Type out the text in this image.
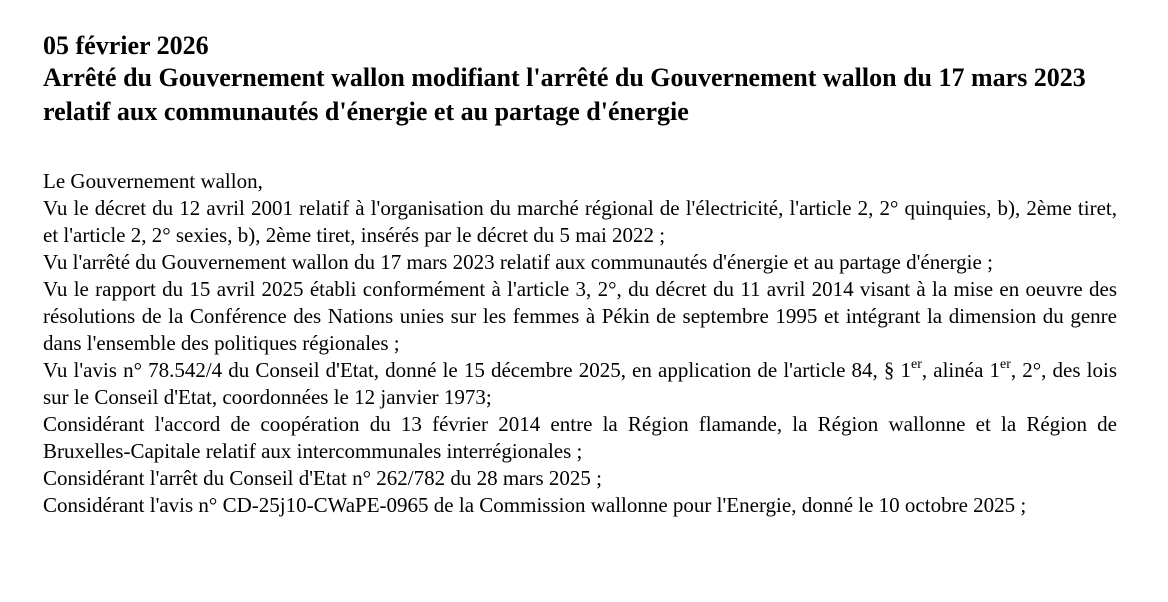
05 février 2026
Arrêté du Gouvernement wallon modifiant l'arrêté du Gouvernement wallon du 17 mars 2023 relatif aux communautés d'énergie et au partage d'énergie

Le Gouvernement wallon,

Vu le décret du 12 avril 2001 relatif à l'organisation du marché régional de l'électricité, l'article 2, 2° quinquies, b), 2ème tiret, et l'article 2, 2° sexies, b), 2ème tiret, insérés par le décret du 5 mai 2022 ;

Vu l'arrêté du Gouvernement wallon du 17 mars 2023 relatif aux communautés d'énergie et au partage d'énergie ;

Vu le rapport du 15 avril 2025 établi conformément à l'article 3, 2°, du décret du 11 avril 2014 visant à la mise en oeuvre des résolutions de la Conférence des Nations unies sur les femmes à Pékin de septembre 1995 et intégrant la dimension du genre dans l'ensemble des politiques régionales ;

Vu l'avis n° 78.542/4 du Conseil d'Etat, donné le 15 décembre 2025, en application de l'article 84, § 1er, alinéa 1er, 2°, des lois sur le Conseil d'Etat, coordonnées le 12 janvier 1973;

Considérant l'accord de coopération du 13 février 2014 entre la Région flamande, la Région wallonne et la Région de Bruxelles-Capitale relatif aux intercommunales interrégionales ;

Considérant l'arrêt du Conseil d'Etat n° 262/782 du 28 mars 2025 ;

Considérant l'avis n° CD-25j10-CWaPE-0965 de la Commission wallonne pour l'Energie, donné le 10 octobre 2025 ;
